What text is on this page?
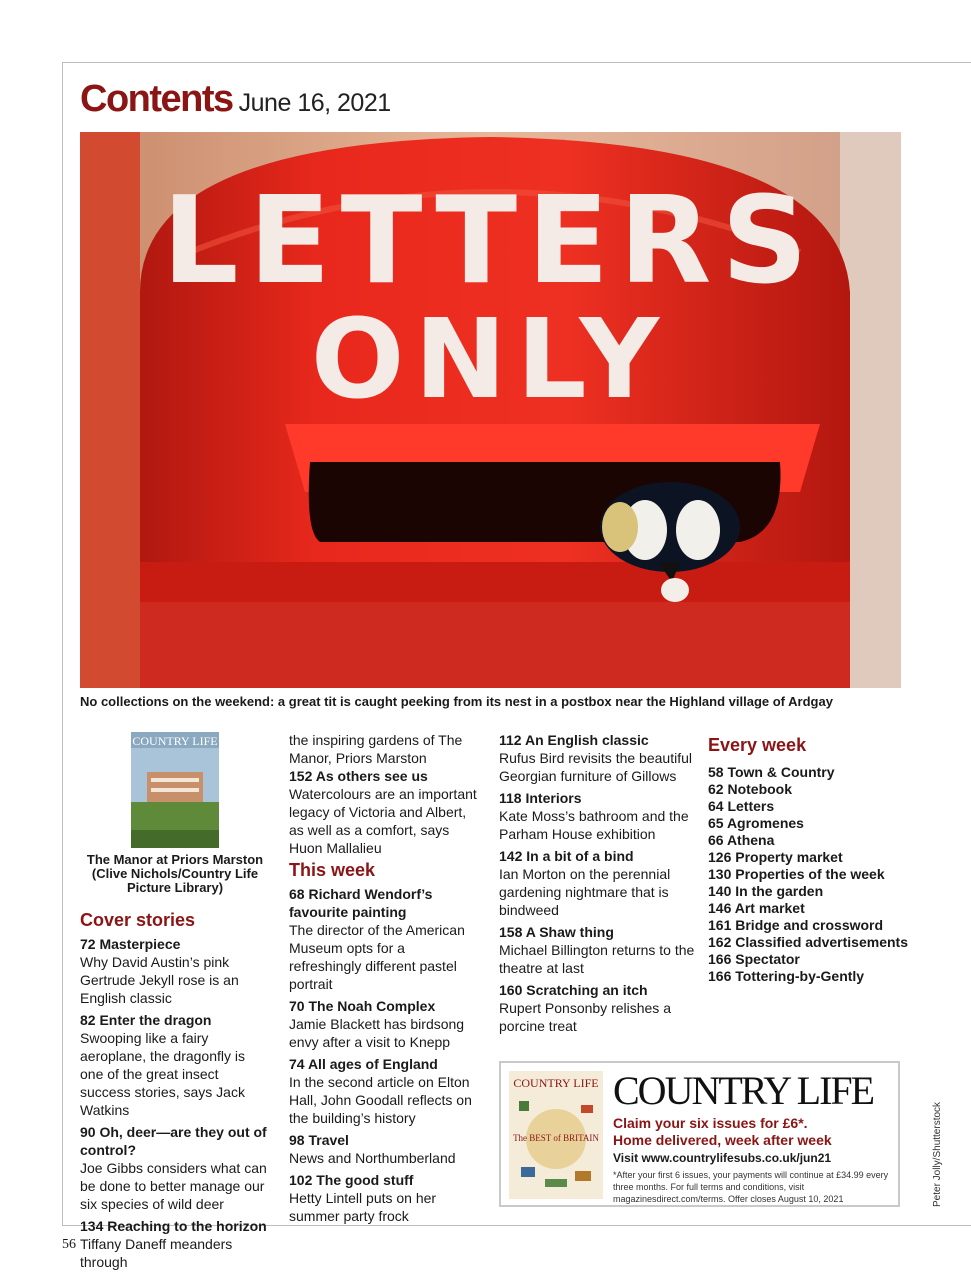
Contents June 16, 2021
LETTERS
ONLY
No collections on the weekend: a great tit is caught peeking from its nest in a postbox near the Highland village of Ardgay
COUNTRY LIFE
The Manor at Priors Marston
(Clive Nichols/Country Life
Picture Library)
Cover stories

72 Masterpiece

Why David Austin’s pink Gertrude Jekyll rose is an English classic

82 Enter the dragon

Swooping like a fairy aeroplane, the dragonfly is one of the great insect success stories, says Jack Watkins

90 Oh, deer—are they out of control?

Joe Gibbs considers what can be done to better manage our six species of wild deer

134 Reaching to the horizon

Tiffany Daneff meanders through

the inspiring gardens of The Manor, Priors Marston

152 As others see us

Watercolours are an important legacy of Victoria and Albert, as well as a comfort, says Huon Mallalieu

This week

68 Richard Wendorf’s favourite painting

The director of the American Museum opts for a refreshingly different pastel portrait

70 The Noah Complex

Jamie Blackett has birdsong envy after a visit to Knepp

74 All ages of England

In the second article on Elton Hall, John Goodall reflects on the building’s history

98 Travel

News and Northumberland

102 The good stuff

Hetty Lintell puts on her summer party frock

112 An English classic

Rufus Bird revisits the beautiful Georgian furniture of Gillows

118 Interiors

Kate Moss’s bathroom and the Parham House exhibition

142 In a bit of a bind

Ian Morton on the perennial gardening nightmare that is bindweed

158 A Shaw thing

Michael Billington returns to the theatre at last

160 Scratching an itch

Rupert Ponsonby relishes a porcine treat

Every week
58 Town & Country
62 Notebook
64 Letters
65 Agromenes
66 Athena
126 Property market
130 Properties of the week
140 In the garden
146 Art market
161 Bridge and crossword
162 Classified advertisements
166 Spectator
166 Tottering-by-Gently
COUNTRY LIFE
The BEST of BRITAIN
COUNTRY LIFE
Claim your six issues for £6*.
Home delivered, week after week
Visit www.countrylifesubs.co.uk/jun21
*After your first 6 issues, your payments will continue at £34.99 every three months. For full terms and conditions, visit magazinesdirect.com/terms. Offer closes August 10, 2021	Peter Jolly/Shutterstock
56
